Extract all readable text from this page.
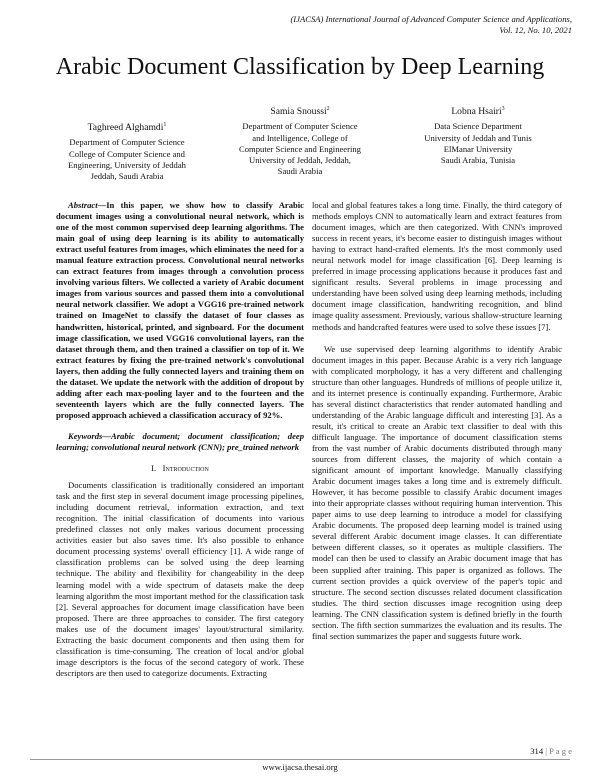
(IJACSA) International Journal of Advanced Computer Science and Applications,
Vol. 12, No. 10, 2021
Arabic Document Classification by Deep Learning
Taghreed Alghamdi$^1$
Department of Computer Science
College of Computer Science and
Engineering, University of Jeddah
Jeddah, Saudi Arabia
Samia Snoussi$^2$
Department of Computer Science
and Intelligence, College of
Computer Science and Engineering
University of Jeddah, Jeddah,
Saudi Arabia
Lobna Hsairi$^3$
Data Science Department
University of Jeddah and Tunis
ElManar University
Saudi Arabia, Tunisia

Abstract—In this paper, we show how to classify Arabic document images using a convolutional neural network, which is one of the most common supervised deep learning algorithms. The main goal of using deep learning is its ability to automatically extract useful features from images, which eliminates the need for a manual feature extraction process. Convolutional neural networks can extract features from images through a convolution process involving various filters. We collected a variety of Arabic document images from various sources and passed them into a convolutional neural network classifier. We adopt a VGG16 pre-trained network trained on ImageNet to classify the dataset of four classes as handwritten, historical, printed, and signboard. For the document image classification, we used VGG16 convolutional layers, ran the dataset through them, and then trained a classifier on top of it. We extract features by fixing the pre-trained network's convolutional layers, then adding the fully connected layers and training them on the dataset. We update the network with the addition of dropout by adding after each max-pooling layer and to the fourteen and the seventeenth layers which are the fully connected layers. The proposed approach achieved a classification accuracy of 92%.

Keywords—Arabic document; document classification; deep learning; convolutional neural network (CNN); pre_trained network

I. Introduction

Documents classification is traditionally considered an important task and the first step in several document image processing pipelines, including document retrieval, information extraction, and text recognition. The initial classification of documents into various predefined classes not only makes various document processing activities easier but also saves time. It's also possible to enhance document processing systems' overall efficiency [1]. A wide range of classification problems can be solved using the deep learning technique. The ability and flexibility for changeability in the deep learning model with a wide spectrum of datasets make the deep learning algorithm the most important method for the classification task [2]. Several approaches for document image classification have been proposed. There are three approaches to consider. The first category makes use of the document images' layout/structural similarity. Extracting the basic document components and then using them for classification is time-consuming. The creation of local and/or global image descriptors is the focus of the second category of work. These descriptors are then used to categorize documents. Extracting

local and global features takes a long time. Finally, the third category of methods employs CNN to automatically learn and extract features from document images, which are then categorized. With CNN's improved success in recent years, it's become easier to distinguish images without having to extract hand-crafted elements. It's the most commonly used neural network model for image classification [6]. Deep learning is preferred in image processing applications because it produces fast and significant results. Several problems in image processing and understanding have been solved using deep learning methods, including document image classification, handwriting recognition, and blind image quality assessment. Previously, various shallow-structure learning methods and handcrafted features were used to solve these issues [7].

We use supervised deep learning algorithms to identify Arabic document images in this paper. Because Arabic is a very rich language with complicated morphology, it has a very different and challenging structure than other languages. Hundreds of millions of people utilize it, and its internet presence is continually expanding. Furthermore, Arabic has several distinct characteristics that render automated handling and understanding of the Arabic language difficult and interesting [3]. As a result, it's critical to create an Arabic text classifier to deal with this difficult language. The importance of document classification stems from the vast number of Arabic documents distributed through many sources from different classes, the majority of which contain a significant amount of important knowledge. Manually classifying Arabic document images takes a long time and is extremely difficult. However, it has become possible to classify Arabic document images into their appropriate classes without requiring human intervention. This paper aims to use deep learning to introduce a model for classifying Arabic documents. The proposed deep learning model is trained using several different Arabic document image classes. It can differentiate between different classes, so it operates as multiple classifiers. The model can then be used to classify an Arabic document image that has been supplied after training. This paper is organized as follows. The current section provides a quick overview of the paper's topic and structure. The second section discusses related document classification studies. The third section discusses image recognition using deep learning. The CNN classification system is defined briefly in the fourth section. The fifth section summarizes the evaluation and its results. The final section summarizes the paper and suggests future work.

314 | P a g e
www.ijacsa.thesai.org
